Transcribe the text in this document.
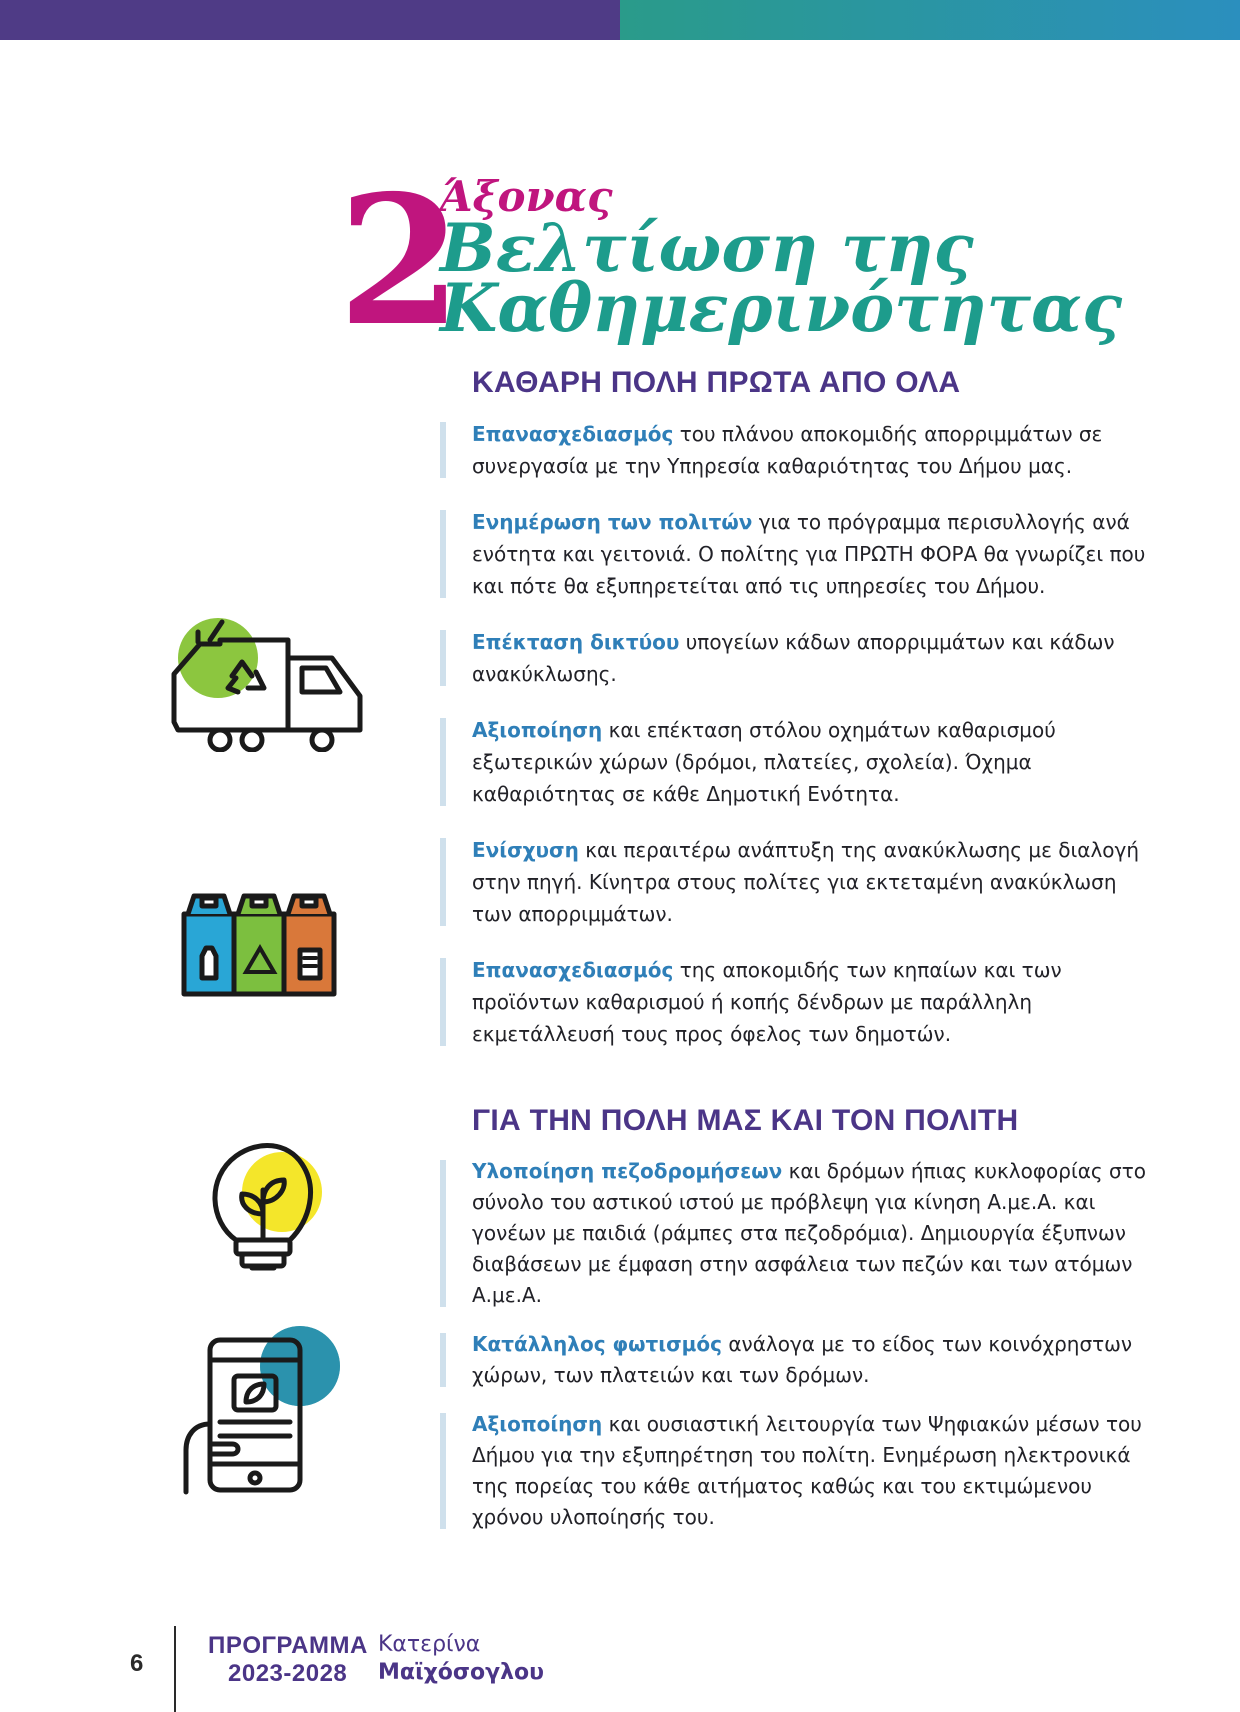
2
Άξονας
Βελτίωση της
Καθημερινότητας
ΚΑΘΑΡΗ ΠΟΛΗ ΠΡΩΤΑ ΑΠΟ ΟΛΑ
Επανασχεδιασμός του πλάνου αποκομιδής απορριμμάτων σε συνεργασία με την Υπηρεσία καθαριότητας του Δήμου μας.
Ενημέρωση των πολιτών για το πρόγραμμα περισυλλογής ανά ενότητα και γειτονιά. Ο πολίτης για ΠΡΩΤΗ ΦΟΡΑ θα γνωρίζει που και πότε θα εξυπηρετείται από τις υπηρεσίες του Δήμου.
Επέκταση δικτύου υπογείων κάδων απορριμμάτων και κάδων ανακύκλωσης.
Αξιοποίηση και επέκταση στόλου οχημάτων καθαρισμού εξωτερικών χώρων (δρόμοι, πλατείες, σχολεία). Όχημα καθαριότητας σε κάθε Δημοτική Ενότητα.
Ενίσχυση και περαιτέρω ανάπτυξη της ανακύκλωσης με διαλογή στην πηγή. Κίνητρα στους πολίτες για εκτεταμένη ανακύκλωση των απορριμμάτων.
Επανασχεδιασμός της αποκομιδής των κηπαίων και των προϊόντων καθαρισμού ή κοπής δένδρων με παράλληλη εκμετάλλευσή τους προς όφελος των δημοτών.
ΓΙΑ ΤΗΝ ΠΟΛΗ ΜΑΣ ΚΑΙ ΤΟΝ ΠΟΛΙΤΗ
Υλοποίηση πεζοδρομήσεων και δρόμων ήπιας κυκλοφορίας στο σύνολο του αστικού ιστού με πρόβλεψη για κίνηση Α.με.Α. και γονέων με παιδιά (ράμπες στα πεζοδρόμια). Δημιουργία έξυπνων διαβάσεων με έμφαση στην ασφάλεια των πεζών και των ατόμων Α.με.Α.
Κατάλληλος φωτισμός ανάλογα με το είδος των κοινόχρηστων χώρων, των πλατειών και των δρόμων.
Αξιοποίηση και ουσιαστική λειτουργία των Ψηφιακών μέσων του Δήμου για την εξυπηρέτηση του πολίτη. Ενημέρωση ηλεκτρονικά της πορείας του κάθε αιτήματος καθώς και του εκτιμώμενου χρόνου υλοποίησής του.
6
ΠΡΟΓΡΑΜΜΑ
2023-2028
Κατερίνα
Μαϊχόσογλου
